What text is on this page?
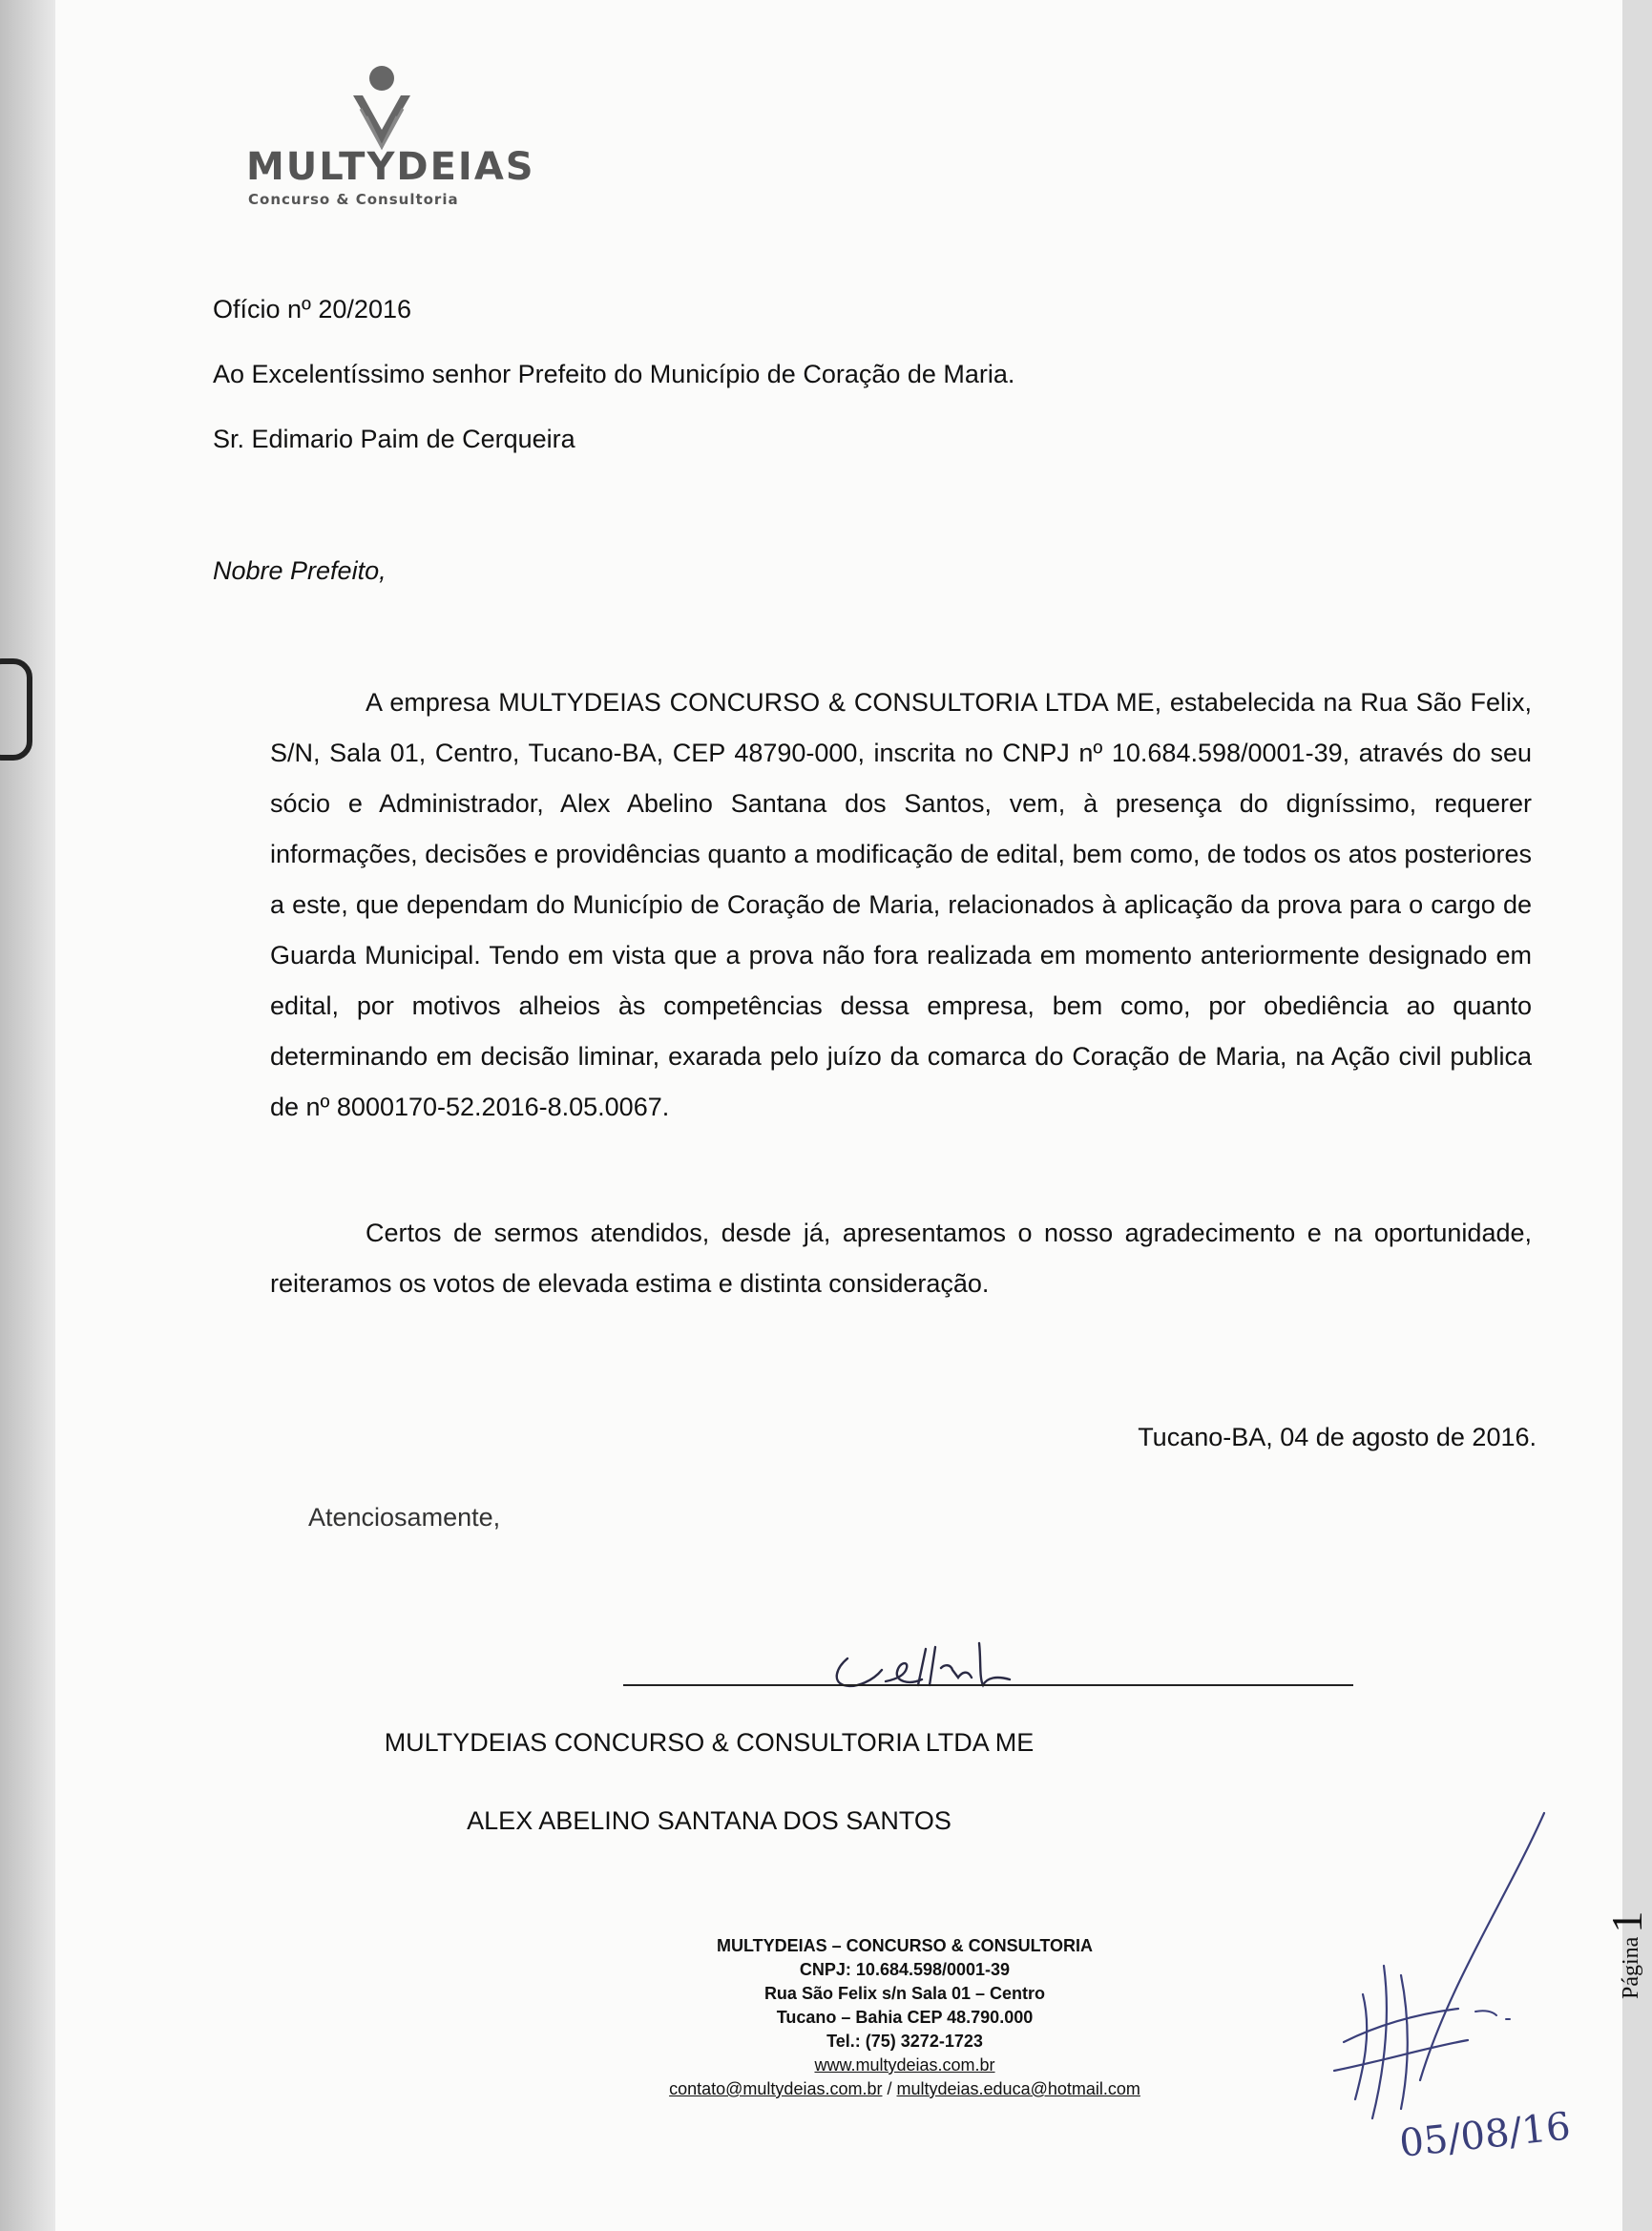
MULTYDEIAS
Concurso & Consultoria
Ofício nº 20/2016
Ao Excelentíssimo senhor Prefeito do Município de Coração de Maria.
Sr. Edimario Paim de Cerqueira
Nobre Prefeito,
A empresa MULTYDEIAS CONCURSO & CONSULTORIA LTDA ME, estabelecida na Rua São Felix, S/N, Sala 01, Centro, Tucano-BA, CEP 48790-000, inscrita no CNPJ nº 10.684.598/0001-39, através do seu sócio e Administrador, Alex Abelino Santana dos Santos, vem, à presença do digníssimo, requerer informações, decisões e providências quanto a modificação de edital, bem como, de todos os atos posteriores a este, que dependam do Município de Coração de Maria, relacionados à aplicação da prova para o cargo de Guarda Municipal. Tendo em vista que a prova não fora realizada em momento anteriormente designado em edital, por motivos alheios às competências dessa empresa, bem como, por obediência ao quanto determinando em decisão liminar, exarada pelo juízo da comarca do Coração de Maria, na Ação civil publica de nº 8000170-52.2016-8.05.0067.
Certos de sermos atendidos, desde já, apresentamos o nosso agradecimento e na oportunidade, reiteramos os votos de elevada estima e distinta consideração.
Tucano-BA, 04 de agosto de 2016.
Atenciosamente,
MULTYDEIAS CONCURSO & CONSULTORIA LTDA ME
ALEX ABELINO SANTANA DOS SANTOS
MULTYDEIAS – CONCURSO & CONSULTORIA
CNPJ: 10.684.598/0001-39
Rua São Felix s/n Sala 01 – Centro
Tucano – Bahia CEP 48.790.000
Tel.: (75) 3272-1723
www.multydeias.com.br
contato@multydeias.com.br / multydeias.educa@hotmail.com
05/08/16
Página1
